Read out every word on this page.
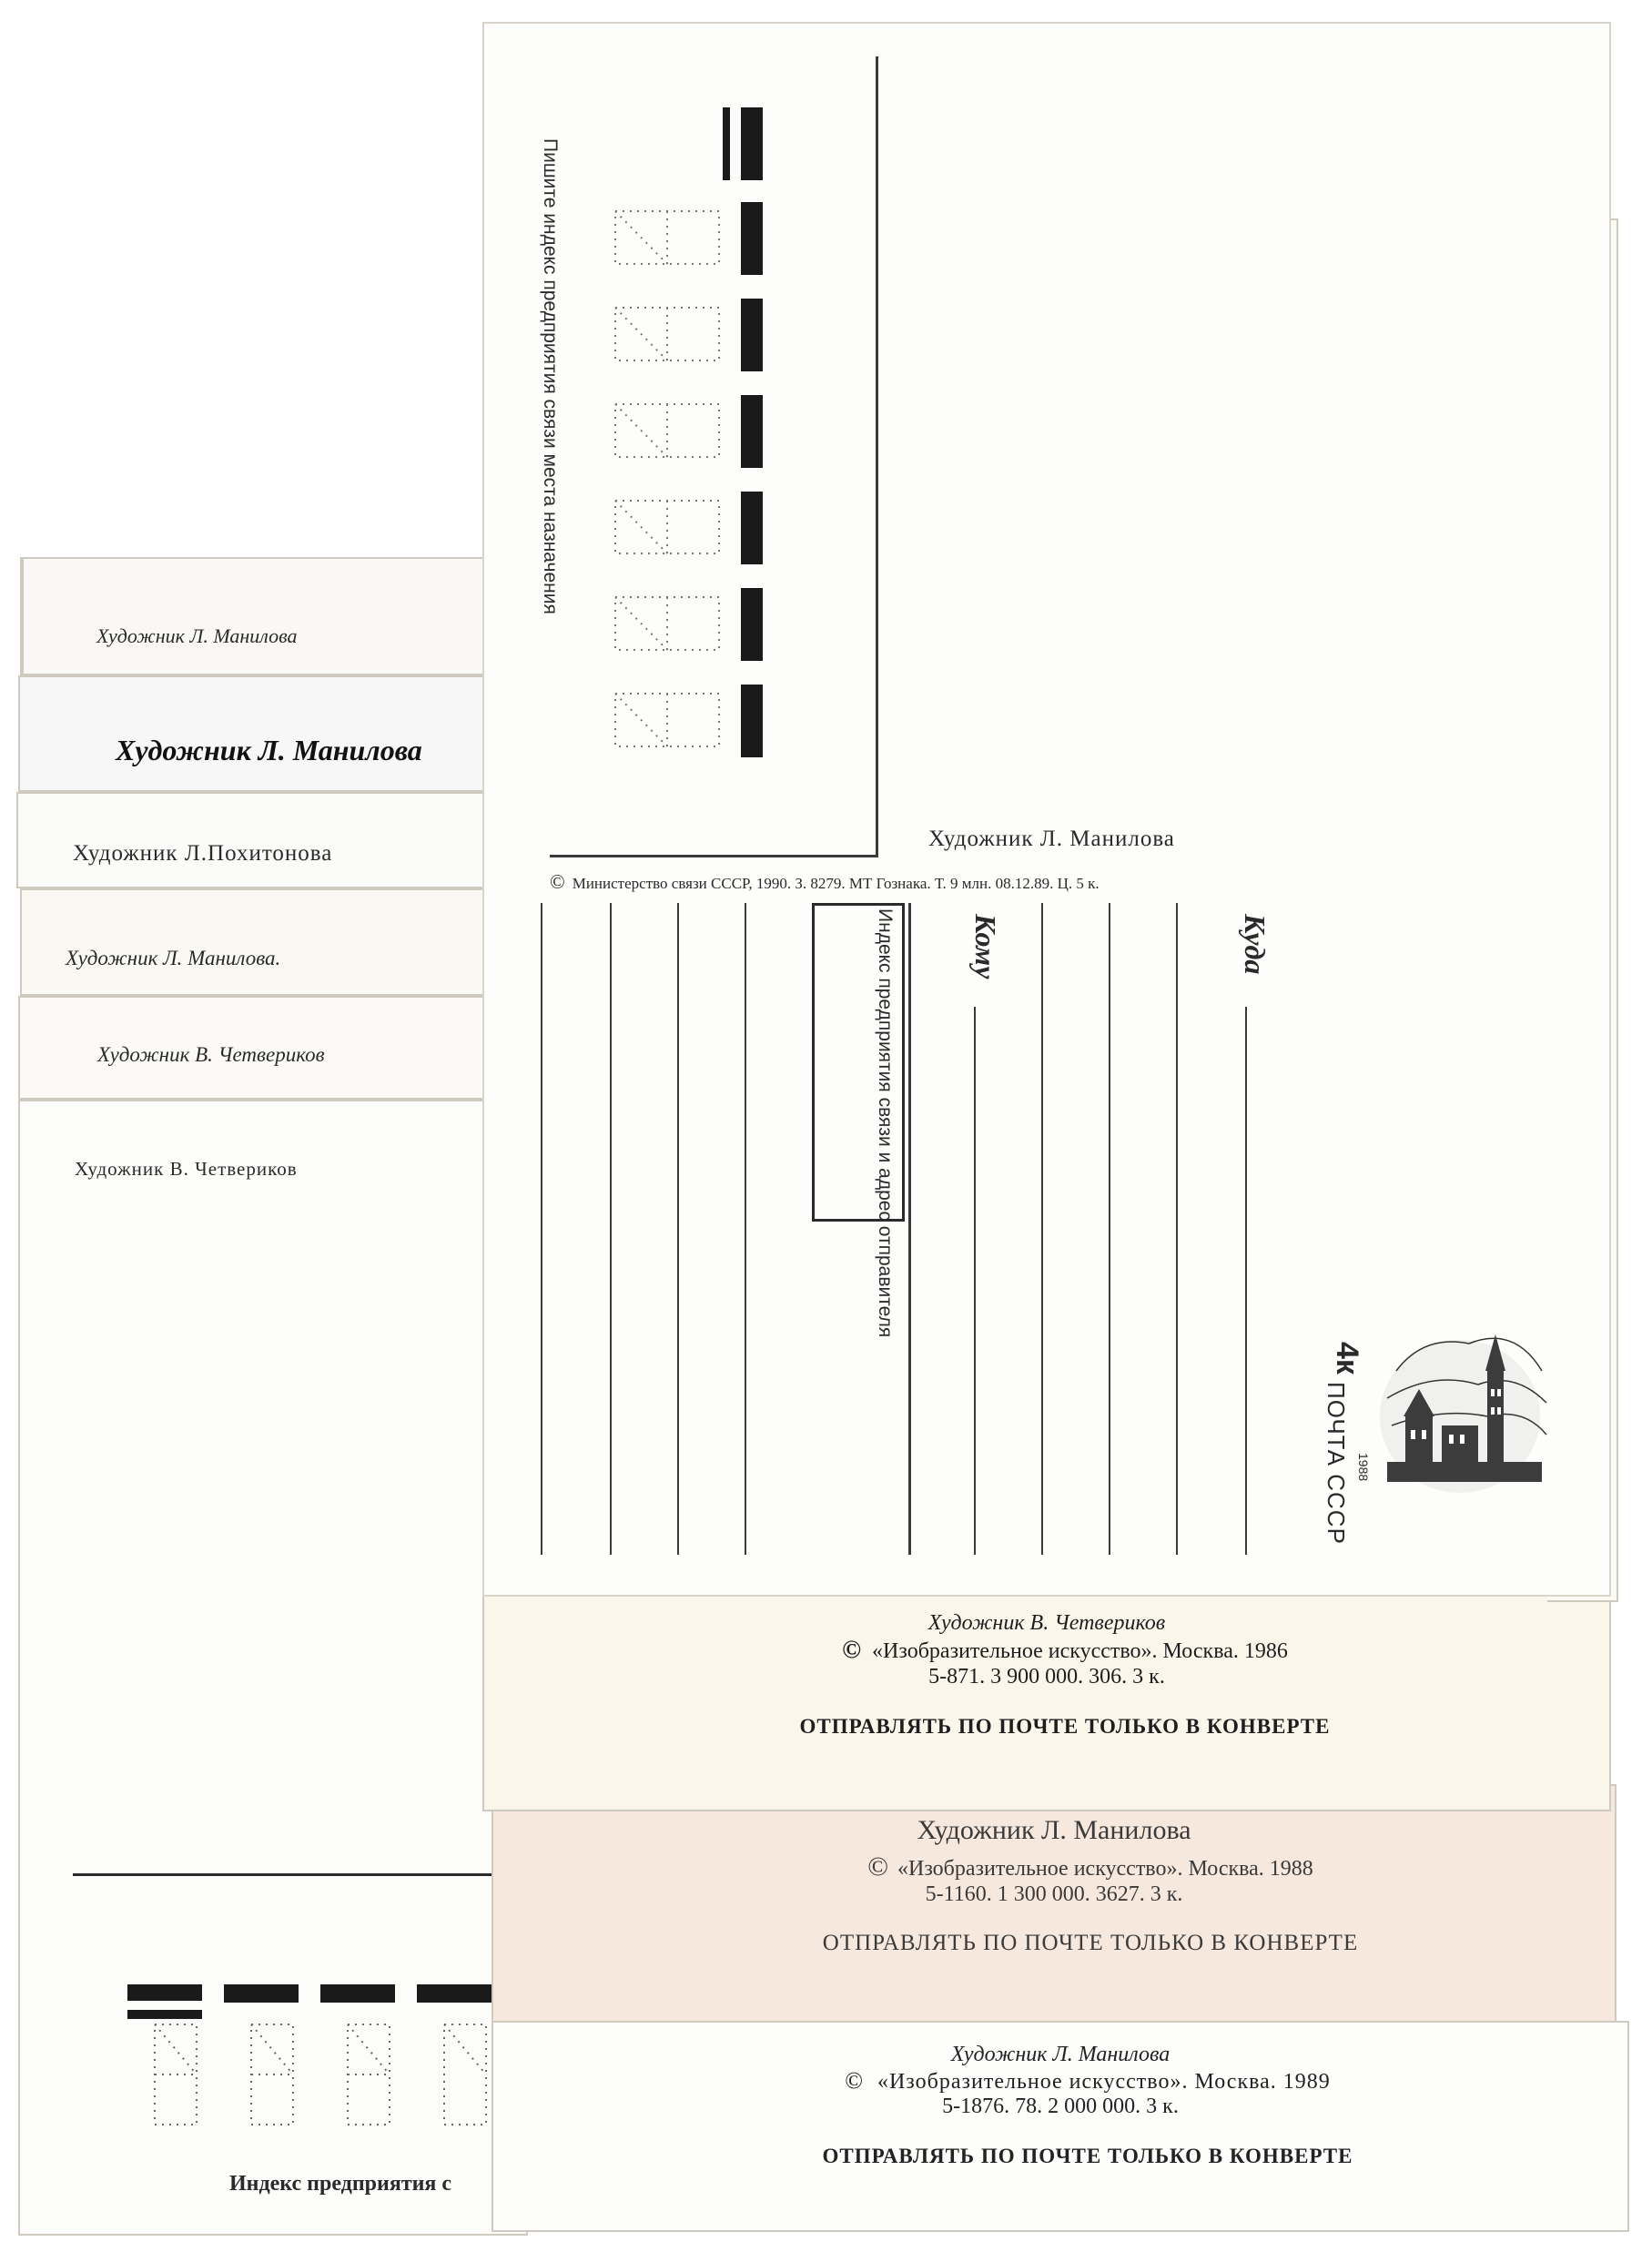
Художник Л. Манилова
Художник Л. Манилова
Художник Л.Похитонова
Художник Л. Манилова.
Художник В. Четвериков
Художник В. Четвериков
Индекс предприятия с
Художник Л. Манилова
© «Изобразительное искусство». Москва. 1988
5-1160. 1 300 000. 3627. 3 к.
ОТПРАВЛЯТЬ ПО ПОЧТЕ ТОЛЬКО В КОНВЕРТЕ
Художник Л. Манилова
© «Изобразительное искусство». Москва. 1989
5-1876. 78. 2 000 000. 3 к.
ОТПРАВЛЯТЬ ПО ПОЧТЕ ТОЛЬКО В КОНВЕРТЕ
Художник В. Четвериков
© «Изобразительное искусство». Москва. 1986
5-871. 3 900 000. 306. 3 к.
ОТПРАВЛЯТЬ ПО ПОЧТЕ ТОЛЬКО В КОНВЕРТЕ
Пишите индекс предприятия связи места назначения
Художник Л. Манилова
© Министерство связи СССР, 1990. З. 8279. МТ Гознака. Т. 9 млн. 08.12.89. Ц. 5 к.
Индекс предприятия связи и адрес отправителя	Кому	Куда
4к
ПОЧТА СССР 1988
